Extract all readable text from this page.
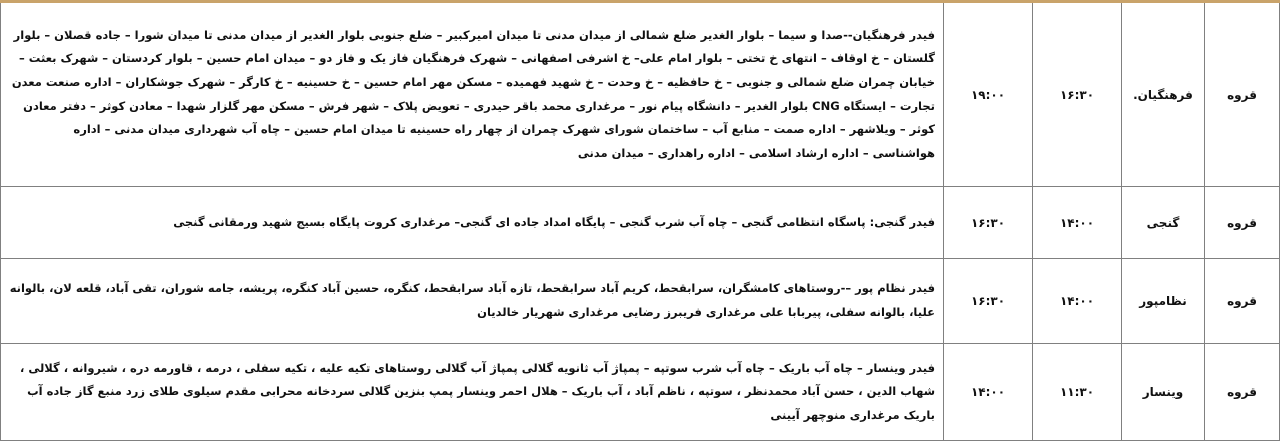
قروه	فرهنگیان.	۱۶:۳۰	۱۹:۰۰	فیدر فرهنگیان--صدا و سیما – بلوار الغدیر ضلع شمالی از میدان مدنی تا میدان امیرکبیر – ضلع جنوبی بلوار الغدیر از میدان مدنی تا میدان شورا – جاده قصلان – بلوار گلستان – خ اوقاف – انتهای خ تختی – بلوار امام علی– خ اشرفی اصفهانی – شهرک فرهنگیان فاز یک و فاز دو – میدان امام حسین – بلوار کردستان – شهرک بعثت – خیابان چمران ضلع شمالی و جنوبی – خ حافظیه – خ وحدت – خ شهید فهمیده – مسکن مهر امام حسین – خ حسینیه – خ کارگر – شهرک جوشکاران – اداره صنعت معدن تجارت – ایستگاه CNG بلوار الغدیر – دانشگاه پیام نور – مرغداری محمد باقر حیدری – تعویض پلاک – شهر فرش – مسکن مهر گلزار شهدا – معادن کوثر – دفتر معادن کوثر – ویلاشهر – اداره صمت – منابع آب – ساختمان شورای شهرک چمران از چهار راه حسینیه تا میدان امام حسین – چاه آب شهرداری میدان مدنی – اداره هواشناسی – اداره ارشاد اسلامی – اداره راهداری – میدان مدنی
قروه	گنجی	۱۴:۰۰	۱۶:۳۰	فیدر گنجی: پاسگاه انتظامی گنجی – چاه آب شرب گنجی – پایگاه امداد جاده ای گنجی– مرغداری کروت پایگاه بسیج شهید ورمقانی گنجی
قروه	نظامپور	۱۴:۰۰	۱۶:۳۰	فیدر نظام پور –-روستاهای کامشگران، سرابقحط، کریم آباد سرابقحط، تازه آباد سرابقحط، کنگره، حسین آباد کنگره، پریشه، جامه شوران، تقی آباد، قلعه لان، بالوانه علیا، بالوانه سفلی، پیربابا علی مرغداری فریبرز رضایی مرغداری شهریار خالدیان
قروه	وینسار	۱۱:۳۰	۱۴:۰۰	فیدر وینسار – چاه آب باریک – چاه آب شرب سوتپه – پمپاژ آب ثانویه گلالی پمپاژ آب گلالی روستاهای تکیه علیه ، تکیه سفلی ، درمه ، قاورمه دره ، شیروانه ، گلالی ، شهاب الدین ، حسن آباد محمدنظر ، سوتپه ، ناظم آباد ، آب باریک – هلال احمر وینسار پمپ بنزین گلالی سردخانه محرابی مقدم سیلوی طلای زرد منبع گاز جاده آب باریک مرغداری منوچهر آیینی
